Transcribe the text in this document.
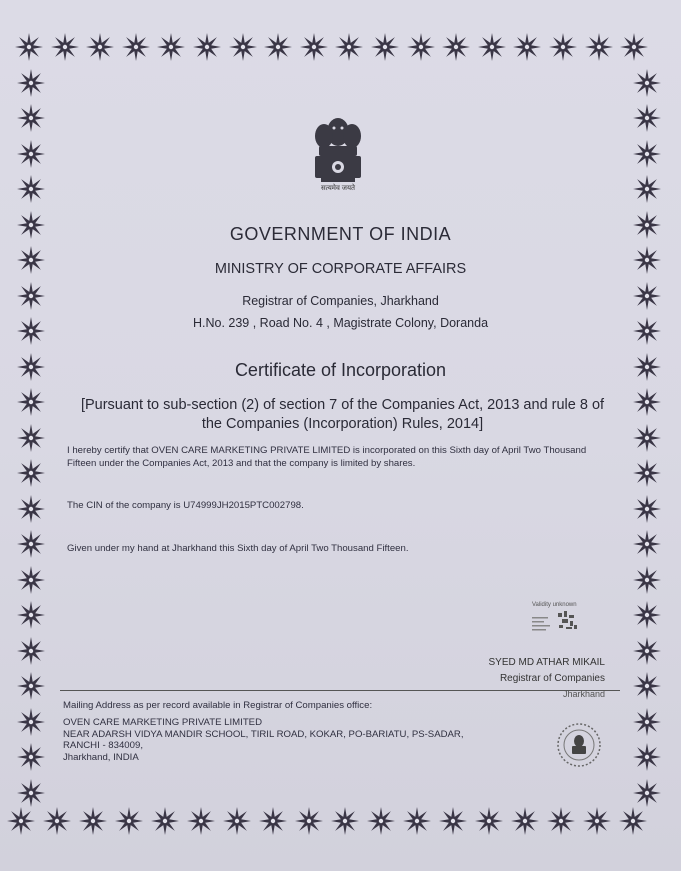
सत्यमेव जयते
GOVERNMENT OF INDIA
MINISTRY OF CORPORATE AFFAIRS
Registrar of Companies, Jharkhand
H.No. 239 , Road No. 4 , Magistrate Colony, Doranda
Certificate of Incorporation
[Pursuant to sub-section (2) of section 7 of the Companies Act, 2013 and rule 8 of the Companies (Incorporation) Rules, 2014]
I hereby certify that OVEN CARE MARKETING PRIVATE LIMITED is incorporated on this Sixth day of April Two Thousand Fifteen under the Companies Act, 2013 and that the company is limited by shares.
The CIN of the company is U74999JH2015PTC002798.
Given under my hand at Jharkhand this Sixth day of April Two Thousand Fifteen.
Validity unknown
SYED MD ATHAR MIKAIL
Registrar of Companies
Jharkhand
Mailing Address as per record available in Registrar of Companies office:
OVEN CARE MARKETING PRIVATE LIMITED
NEAR ADARSH VIDYA MANDIR SCHOOL, TIRIL ROAD, KOKAR, PO-BARIATU, PS-SADAR,
RANCHI - 834009,
Jharkhand, INDIA
